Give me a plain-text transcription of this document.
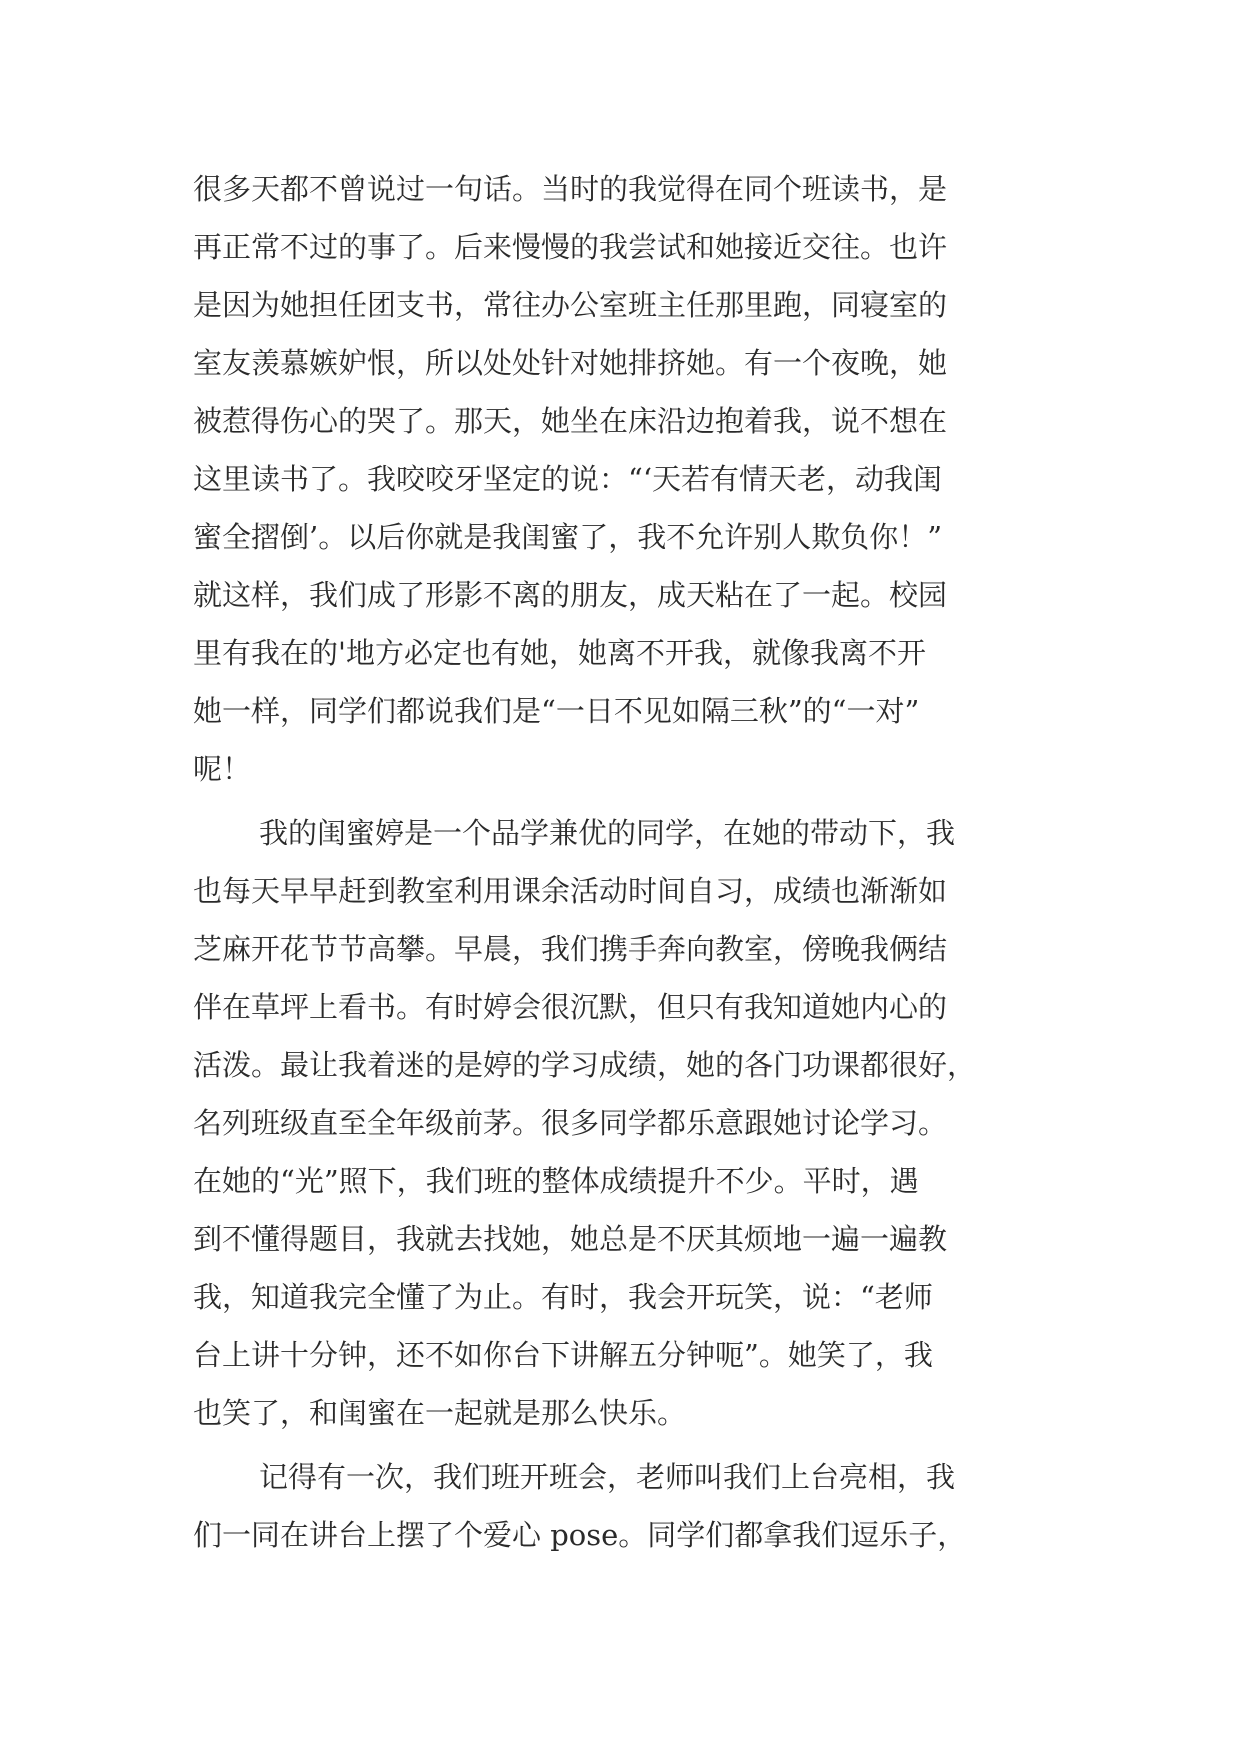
很多天都不曾说过一句话。当时的我觉得在同个班读书，是
再正常不过的事了。后来慢慢的我尝试和她接近交往。也许
是因为她担任团支书，常往办公室班主任那里跑，同寝室的
室友羡慕嫉妒恨，所以处处针对她排挤她。有一个夜晚，她
被惹得伤心的哭了。那天，她坐在床沿边抱着我，说不想在
这里读书了。我咬咬牙坚定的说：“‘天若有情天老，动我闺
蜜全摺倒’。以后你就是我闺蜜了，我不允许别人欺负你！”
就这样，我们成了形影不离的朋友，成天粘在了一起。校园
里有我在的'地方必定也有她，她离不开我，就像我离不开
她一样，同学们都说我们是“一日不见如隔三秋”的“一对”
呢！
我的闺蜜婷是一个品学兼优的同学，在她的带动下，我
也每天早早赶到教室利用课余活动时间自习，成绩也渐渐如
芝麻开花节节高攀。早晨，我们携手奔向教室，傍晚我俩结
伴在草坪上看书。有时婷会很沉默，但只有我知道她内心的
活泼。最让我着迷的是婷的学习成绩，她的各门功课都很好，
名列班级直至全年级前茅。很多同学都乐意跟她讨论学习。
在她的“光”照下，我们班的整体成绩提升不少。平时，遇
到不懂得题目，我就去找她，她总是不厌其烦地一遍一遍教
我，知道我完全懂了为止。有时，我会开玩笑，说：“老师
台上讲十分钟，还不如你台下讲解五分钟呃”。她笑了，我
也笑了，和闺蜜在一起就是那么快乐。
记得有一次，我们班开班会，老师叫我们上台亮相，我
们一同在讲台上摆了个爱心 pose。同学们都拿我们逗乐子，
